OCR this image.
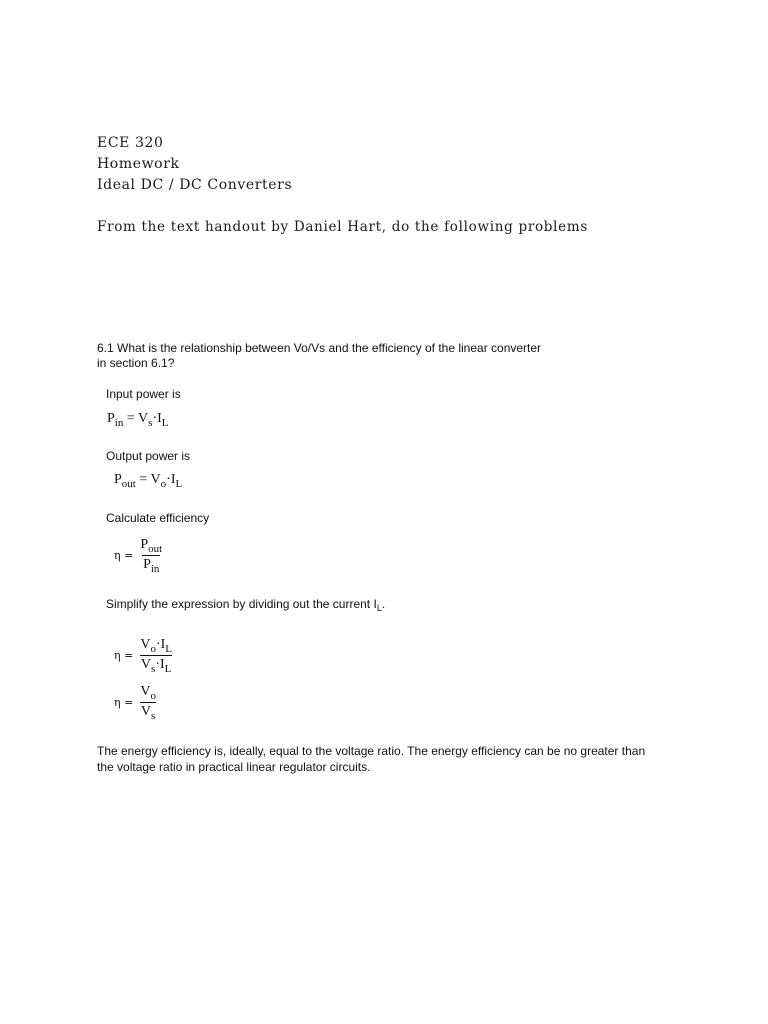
ECE 320
Homework
Ideal DC / DC Converters
From the text handout by Daniel Hart, do the following problems
6.1 What is the relationship between Vo/Vs and the efficiency of the linear converter
in section 6.1?
Input power is
$P_{in} = V_s\cdot I_L$
Output power is
$P_{out} = V_o\cdot I_L$
Calculate efficiency
$\eta = \frac{P_{out}}{P_{in}}$
Simplify the expression by dividing out the current $I_L$.
$\eta = \frac{V_o\cdot I_L}{V_s\cdot I_L}$
$\eta = \frac{V_o}{V_s}$
The energy efficiency is, ideally, equal to the voltage ratio. The energy efficiency can be no greater than
the voltage ratio in practical linear regulator circuits.
